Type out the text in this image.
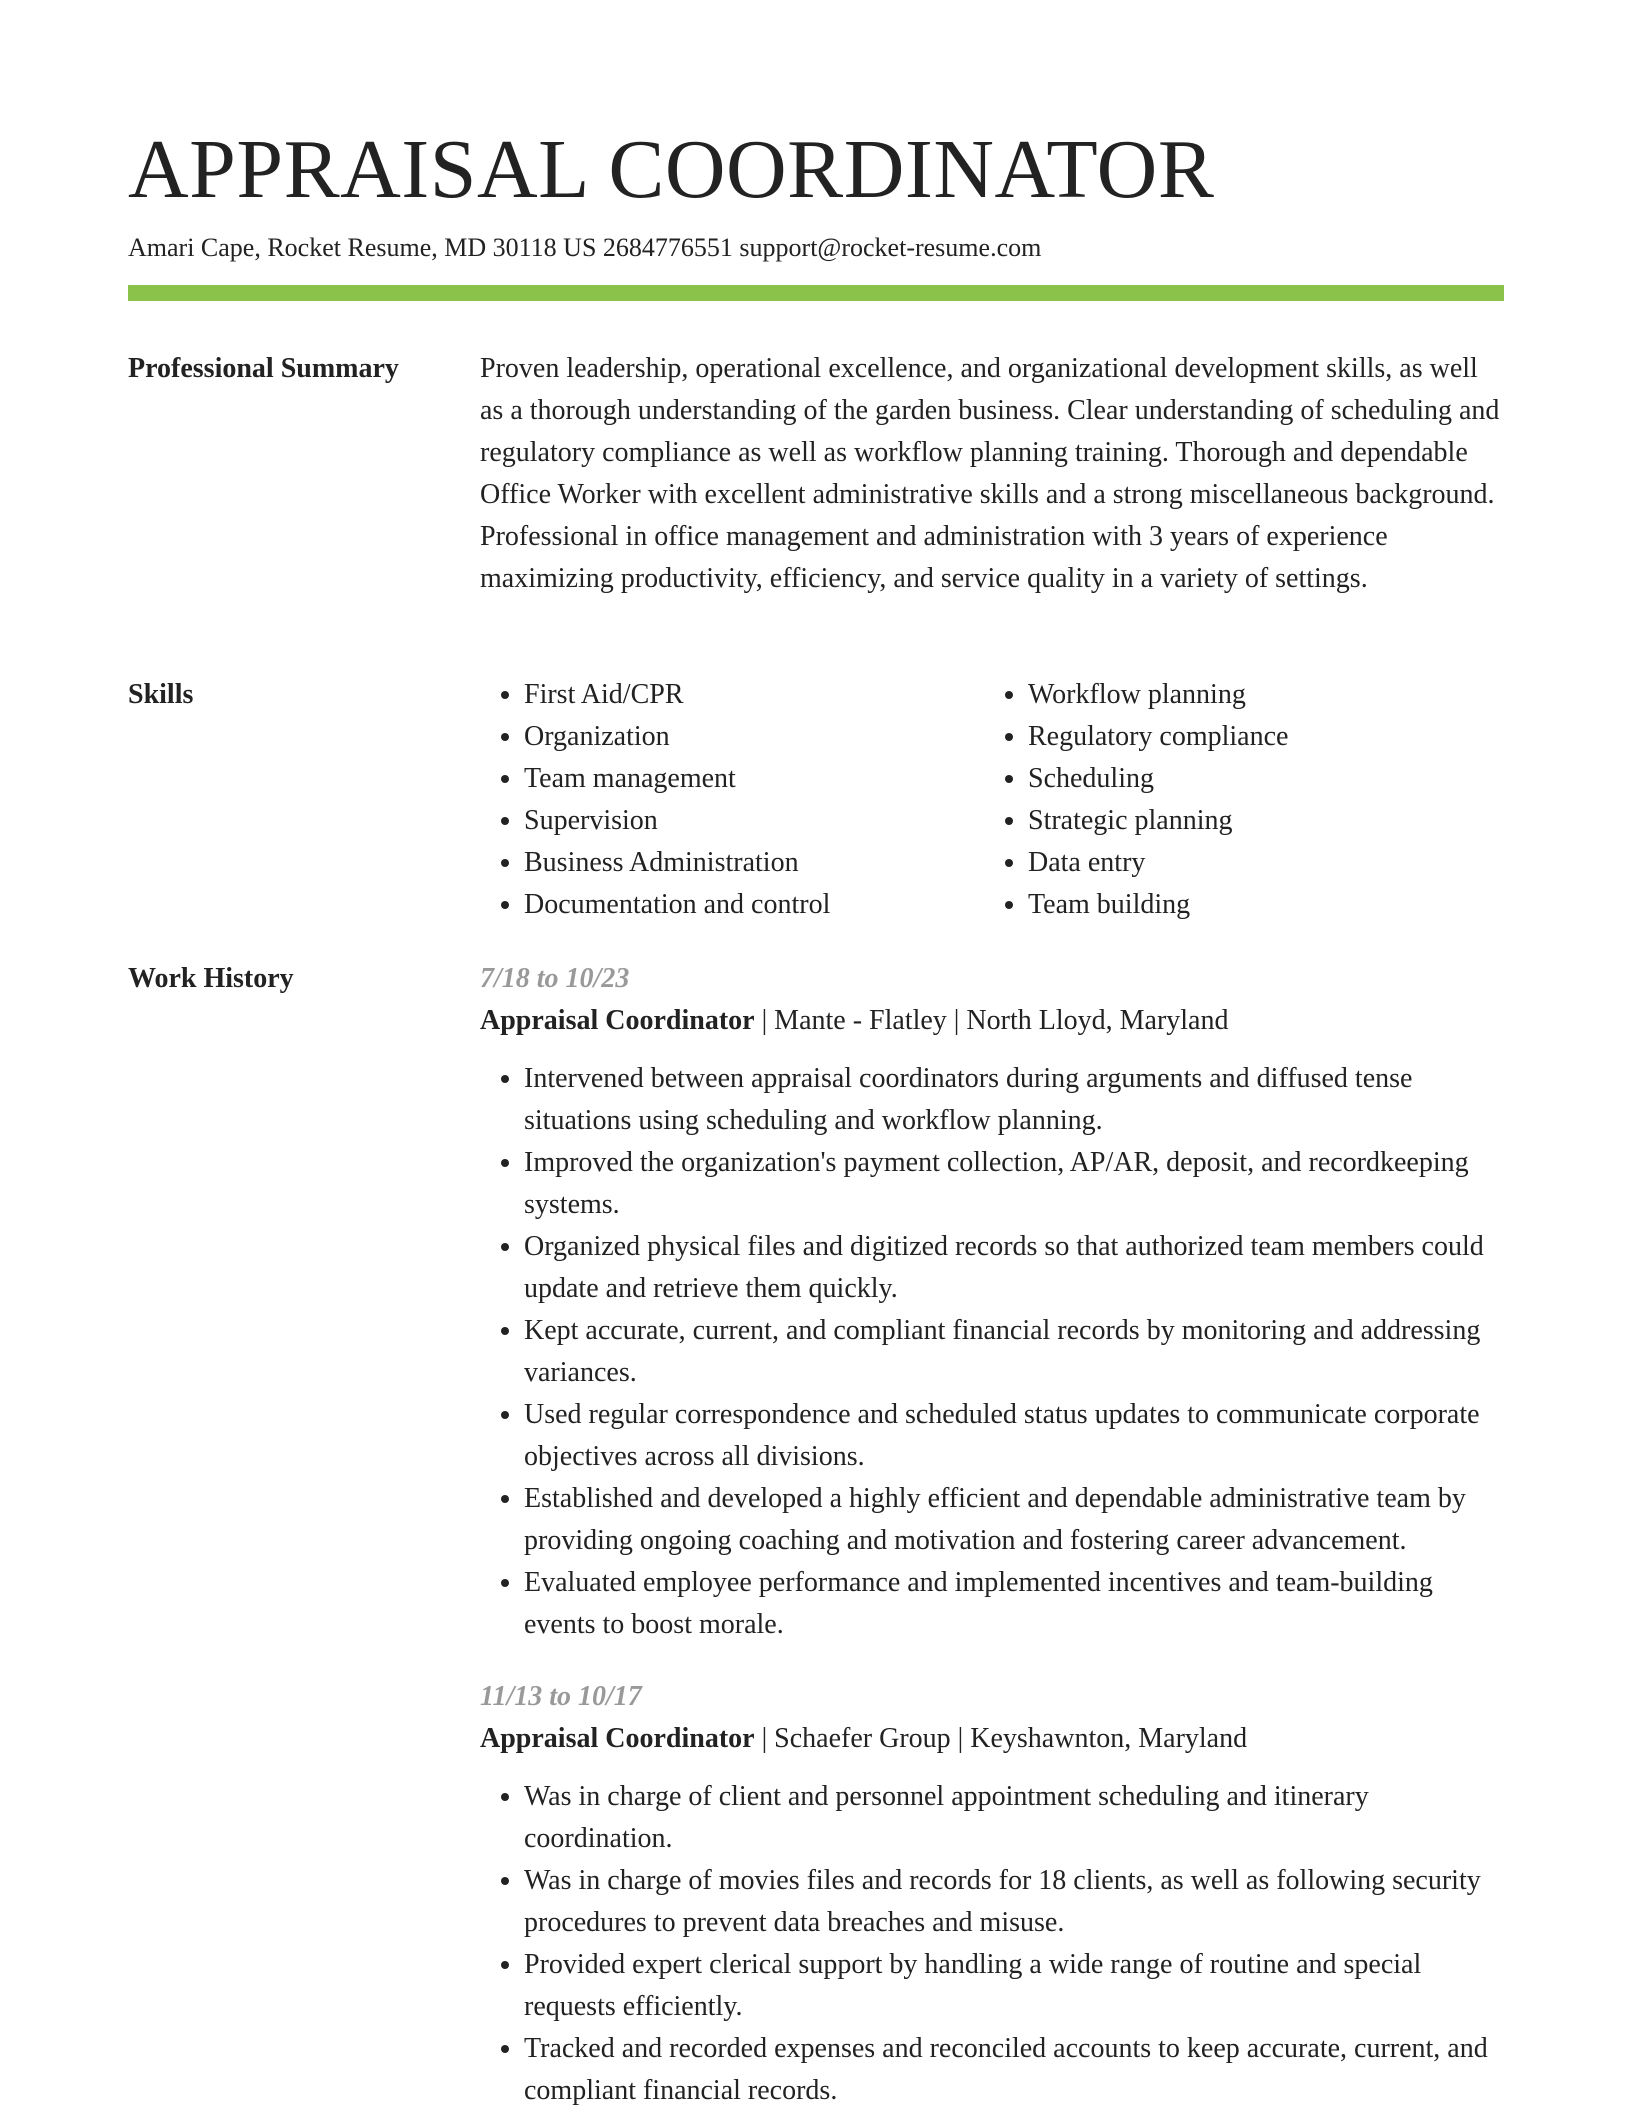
APPRAISAL COORDINATOR
Amari Cape, Rocket Resume, MD 30118 US 2684776551 support@rocket-resume.com
Professional Summary	Proven leadership, operational excellence, and organizational development skills, as well as a thorough understanding of the garden business. Clear understanding of scheduling and regulatory compliance as well as workflow planning training. Thorough and dependable Office Worker with excellent administrative skills and a strong miscellaneous background. Professional in office management and administration with 3 years of experience maximizing productivity, efficiency, and service quality in a variety of settings.

Skills
•	First Aid/CPR
• Organization
• Team management
• Supervision
• Business Administration
• Documentation and control
• Workflow planning
• Regulatory compliance
• Scheduling
• Strategic planning
• Data entry
• Team building
Work History	7/18 to 10/23
Appraisal Coordinator | Mante - Flatley | North Lloyd, Maryland
• Intervened between appraisal coordinators during arguments and diffused tense situations using scheduling and workflow planning.
• Improved the organization's payment collection, AP/AR, deposit, and recordkeeping systems.
• Organized physical files and digitized records so that authorized team members could update and retrieve them quickly.
• Kept accurate, current, and compliant financial records by monitoring and addressing variances.
• Used regular correspondence and scheduled status updates to communicate corporate objectives across all divisions.
• Established and developed a highly efficient and dependable administrative team by providing ongoing coaching and motivation and fostering career advancement.
• Evaluated employee performance and implemented incentives and team-building events to boost morale.
11/13 to 10/17
Appraisal Coordinator | Schaefer Group | Keyshawnton, Maryland
• Was in charge of client and personnel appointment scheduling and itinerary coordination.
• Was in charge of movies files and records for 18 clients, as well as following security procedures to prevent data breaches and misuse.
• Provided expert clerical support by handling a wide range of routine and special requests efficiently.
• Tracked and recorded expenses and reconciled accounts to keep accurate, current, and compliant financial records.
